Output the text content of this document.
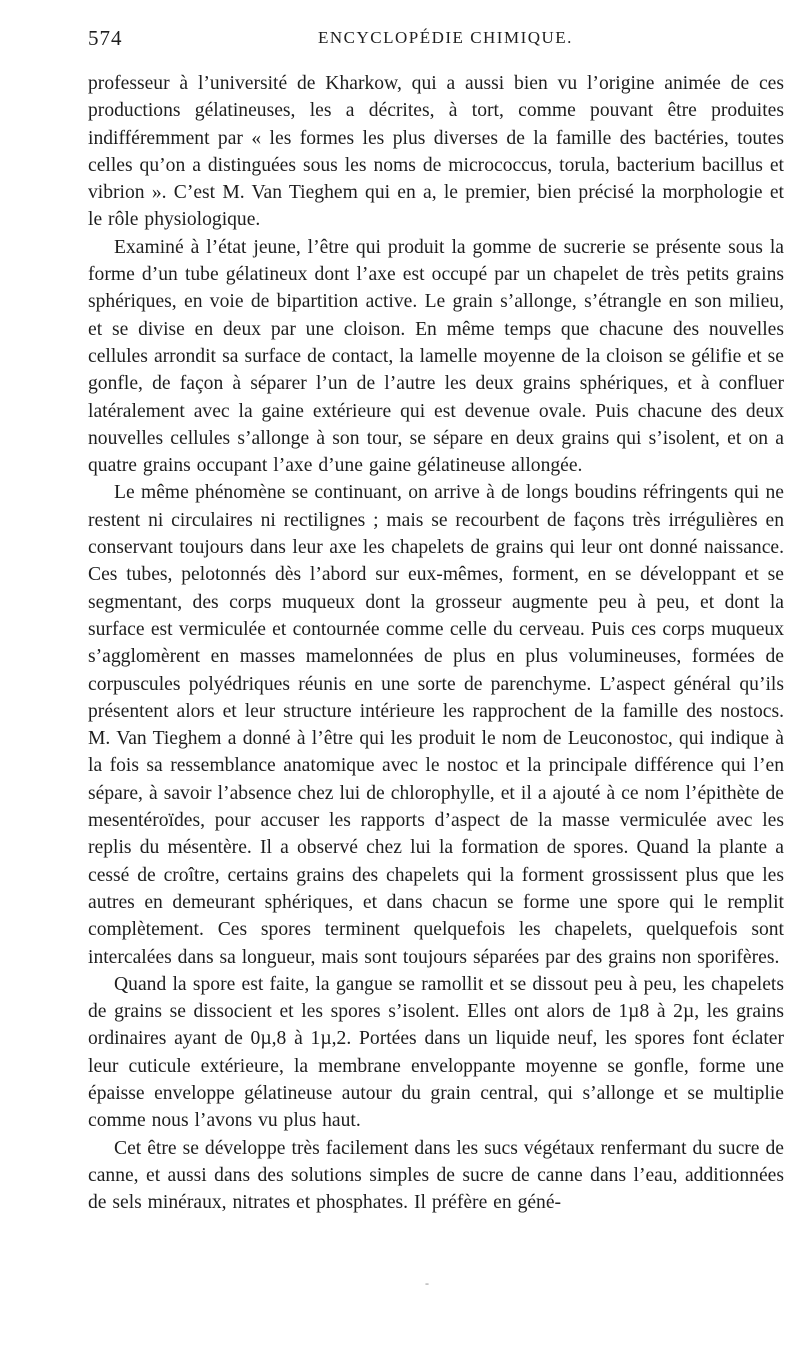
574	ENCYCLOPÉDIE CHIMIQUE.

professeur à l’université de Kharkow, qui a aussi bien vu l’origine animée de ces productions gélatineuses, les a décrites, à tort, comme pouvant être produites indifféremment par « les formes les plus diverses de la famille des bactéries, toutes celles qu’on a distinguées sous les noms de micrococcus, torula, bacterium bacillus et vibrion ». C’est M. Van Tieghem qui en a, le premier, bien précisé la morphologie et le rôle physiologique.

Examiné à l’état jeune, l’être qui produit la gomme de sucrerie se présente sous la forme d’un tube gélatineux dont l’axe est occupé par un chapelet de très petits grains sphériques, en voie de bipartition active. Le grain s’allonge, s’étrangle en son milieu, et se divise en deux par une cloison. En même temps que chacune des nouvelles cellules arrondit sa surface de contact, la lamelle moyenne de la cloison se gélifie et se gonfle, de façon à séparer l’un de l’autre les deux grains sphériques, et à confluer latéralement avec la gaine extérieure qui est devenue ovale. Puis chacune des deux nouvelles cellules s’allonge à son tour, se sépare en deux grains qui s’isolent, et on a quatre grains occupant l’axe d’une gaine gélatineuse allongée.

Le même phénomène se continuant, on arrive à de longs boudins réfringents qui ne restent ni circulaires ni rectilignes ; mais se recourbent de façons très irrégulières en conservant toujours dans leur axe les chapelets de grains qui leur ont donné naissance. Ces tubes, pelotonnés dès l’abord sur eux-mêmes, forment, en se développant et se segmentant, des corps muqueux dont la grosseur augmente peu à peu, et dont la surface est vermiculée et contournée comme celle du cerveau. Puis ces corps muqueux s’agglomèrent en masses mamelonnées de plus en plus volumineuses, formées de corpuscules polyédriques réunis en une sorte de parenchyme. L’aspect général qu’ils présentent alors et leur structure intérieure les rapprochent de la famille des nostocs. M. Van Tieghem a donné à l’être qui les produit le nom de Leuconostoc, qui indique à la fois sa ressemblance anatomique avec le nostoc et la principale différence qui l’en sépare, à savoir l’absence chez lui de chlorophylle, et il a ajouté à ce nom l’épithète de mesentéroïdes, pour accuser les rapports d’aspect de la masse vermiculée avec les replis du mésentère. Il a observé chez lui la formation de spores. Quand la plante a cessé de croître, certains grains des chapelets qui la forment grossissent plus que les autres en demeurant sphériques, et dans chacun se forme une spore qui le remplit complètement. Ces spores terminent quelquefois les chapelets, quelquefois sont intercalées dans sa longueur, mais sont toujours séparées par des grains non sporifères.

Quand la spore est faite, la gangue se ramollit et se dissout peu à peu, les chapelets de grains se dissocient et les spores s’isolent. Elles ont alors de 1µ8 à 2µ, les grains ordinaires ayant de 0µ,8 à 1µ,2. Portées dans un liquide neuf, les spores font éclater leur cuticule extérieure, la membrane enveloppante moyenne se gonfle, forme une épaisse enveloppe gélatineuse autour du grain central, qui s’allonge et se multiplie comme nous l’avons vu plus haut.

Cet être se développe très facilement dans les sucs végétaux renfermant du sucre de canne, et aussi dans des solutions simples de sucre de canne dans l’eau, additionnées de sels minéraux, nitrates et phosphates. Il préfère en géné-

-
